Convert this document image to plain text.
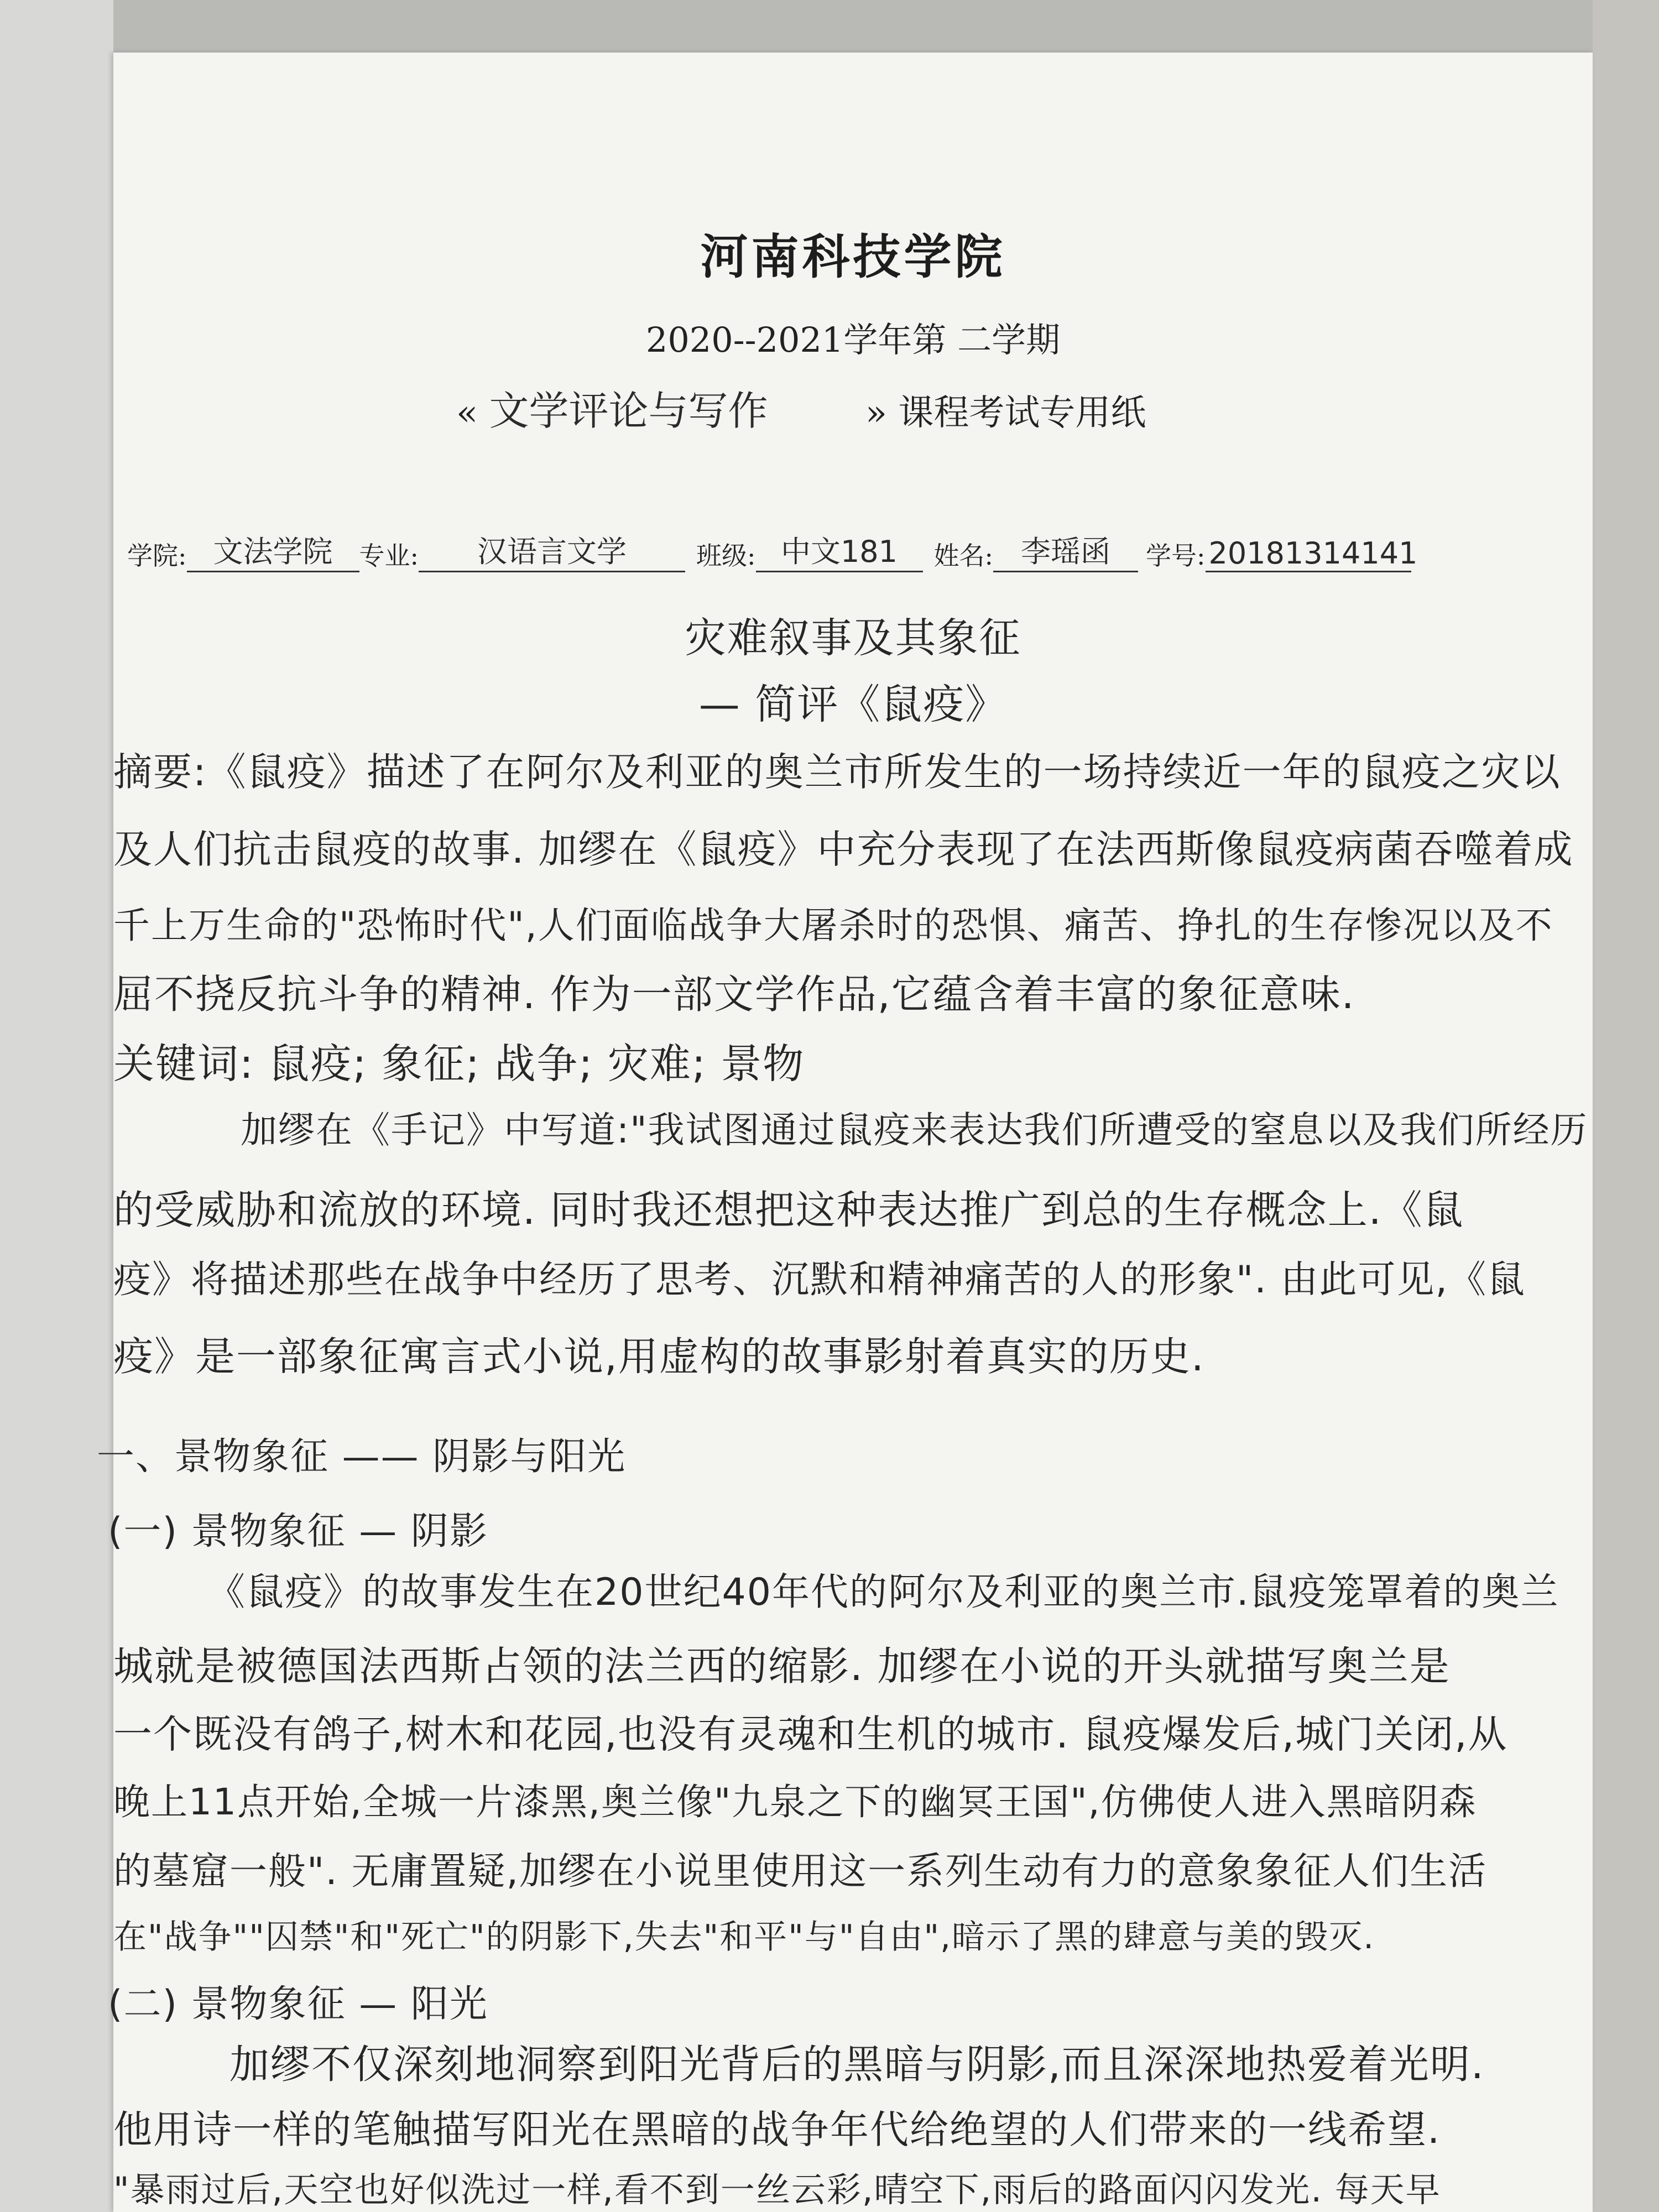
河南科技学院
2020--2021学年第 二学期
« 文学评论与写作	» 课程考试专用纸
学院: 文法学院	专业:	汉语言文学	班级: 中文181	姓名: 李瑶函	学号: 20181314141
灾难叙事及其象征
— 简评《鼠疫》
摘要:《鼠疫》描述了在阿尔及利亚的奥兰市所发生的一场持续近一年的鼠疫之灾以
及人们抗击鼠疫的故事. 加缪在《鼠疫》中充分表现了在法西斯像鼠疫病菌吞噬着成
千上万生命的"恐怖时代",人们面临战争大屠杀时的恐惧、痛苦、挣扎的生存惨况以及不
屈不挠反抗斗争的精神. 作为一部文学作品,它蕴含着丰富的象征意味.
关键词: 鼠疫; 象征; 战争; 灾难; 景物
加缪在《手记》中写道:"我试图通过鼠疫来表达我们所遭受的窒息以及我们所经历
的受威胁和流放的环境. 同时我还想把这种表达推广到总的生存概念上.《鼠
疫》将描述那些在战争中经历了思考、沉默和精神痛苦的人的形象". 由此可见,《鼠
疫》是一部象征寓言式小说,用虚构的故事影射着真实的历史.
一、景物象征 —— 阴影与阳光
(一) 景物象征 — 阴影
《鼠疫》的故事发生在20世纪40年代的阿尔及利亚的奥兰市.鼠疫笼罩着的奥兰
城就是被德国法西斯占领的法兰西的缩影. 加缪在小说的开头就描写奥兰是
一个既没有鸽子,树木和花园,也没有灵魂和生机的城市. 鼠疫爆发后,城门关闭,从
晚上11点开始,全城一片漆黑,奥兰像"九泉之下的幽冥王国",仿佛使人进入黑暗阴森
的墓窟一般". 无庸置疑,加缪在小说里使用这一系列生动有力的意象象征人们生活
在"战争""囚禁"和"死亡"的阴影下,失去"和平"与"自由",暗示了黑的肆意与美的毁灭.
(二) 景物象征 — 阳光
加缪不仅深刻地洞察到阳光背后的黑暗与阴影,而且深深地热爱着光明.
他用诗一样的笔触描写阳光在黑暗的战争年代给绝望的人们带来的一线希望.
"暴雨过后,天空也好似洗过一样,看不到一丝云彩,晴空下,雨后的路面闪闪发光. 每天早
